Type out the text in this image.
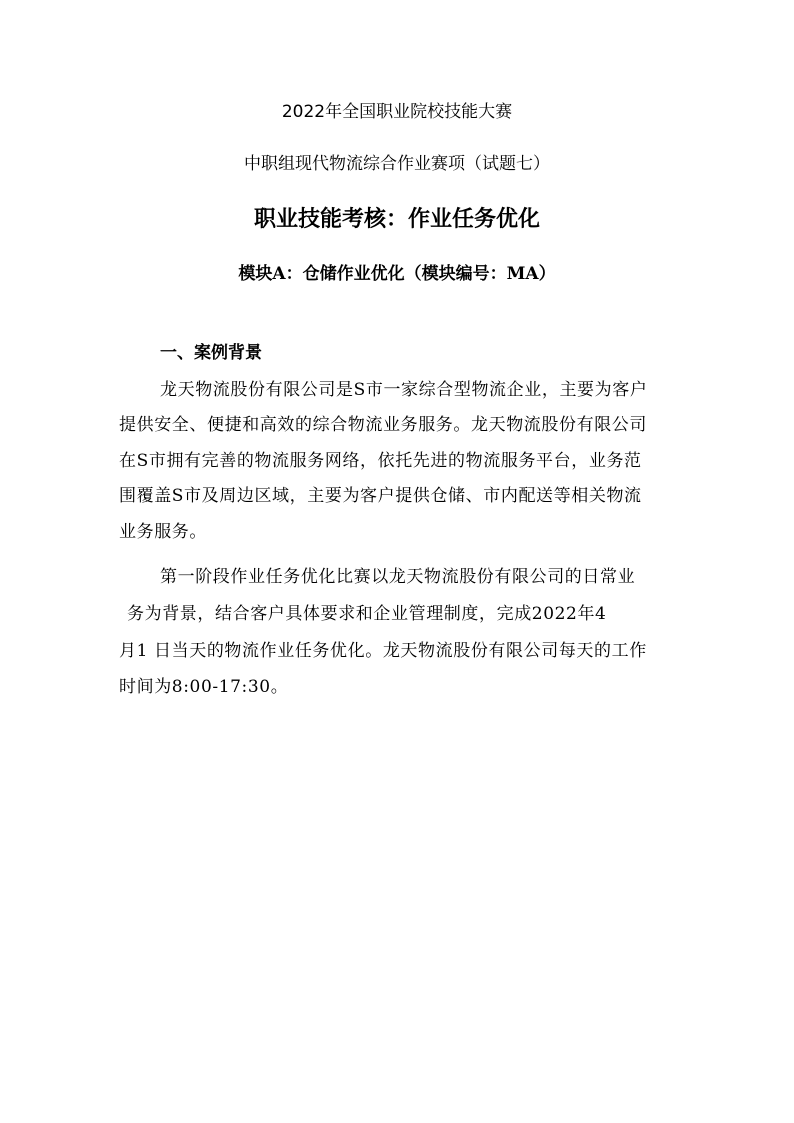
2022年全国职业院校技能大赛

中职组现代物流综合作业赛项（试题七）

职业技能考核：作业任务优化

模块A：仓储作业优化（模块编号：MA）

一、案例背景

龙天物流股份有限公司是S市一家综合型物流企业，主要为客户

提供安全、便捷和高效的综合物流业务服务。龙天物流股份有限公司

在S市拥有完善的物流服务网络，依托先进的物流服务平台，业务范

围覆盖S市及周边区域，主要为客户提供仓储、市内配送等相关物流

业务服务。

第一阶段作业任务优化比赛以龙天物流股份有限公司的日常业

务为背景，结合客户具体要求和企业管理制度，完成2022年4

月1 日当天的物流作业任务优化。龙天物流股份有限公司每天的工作

时间为8:00-17:30。
